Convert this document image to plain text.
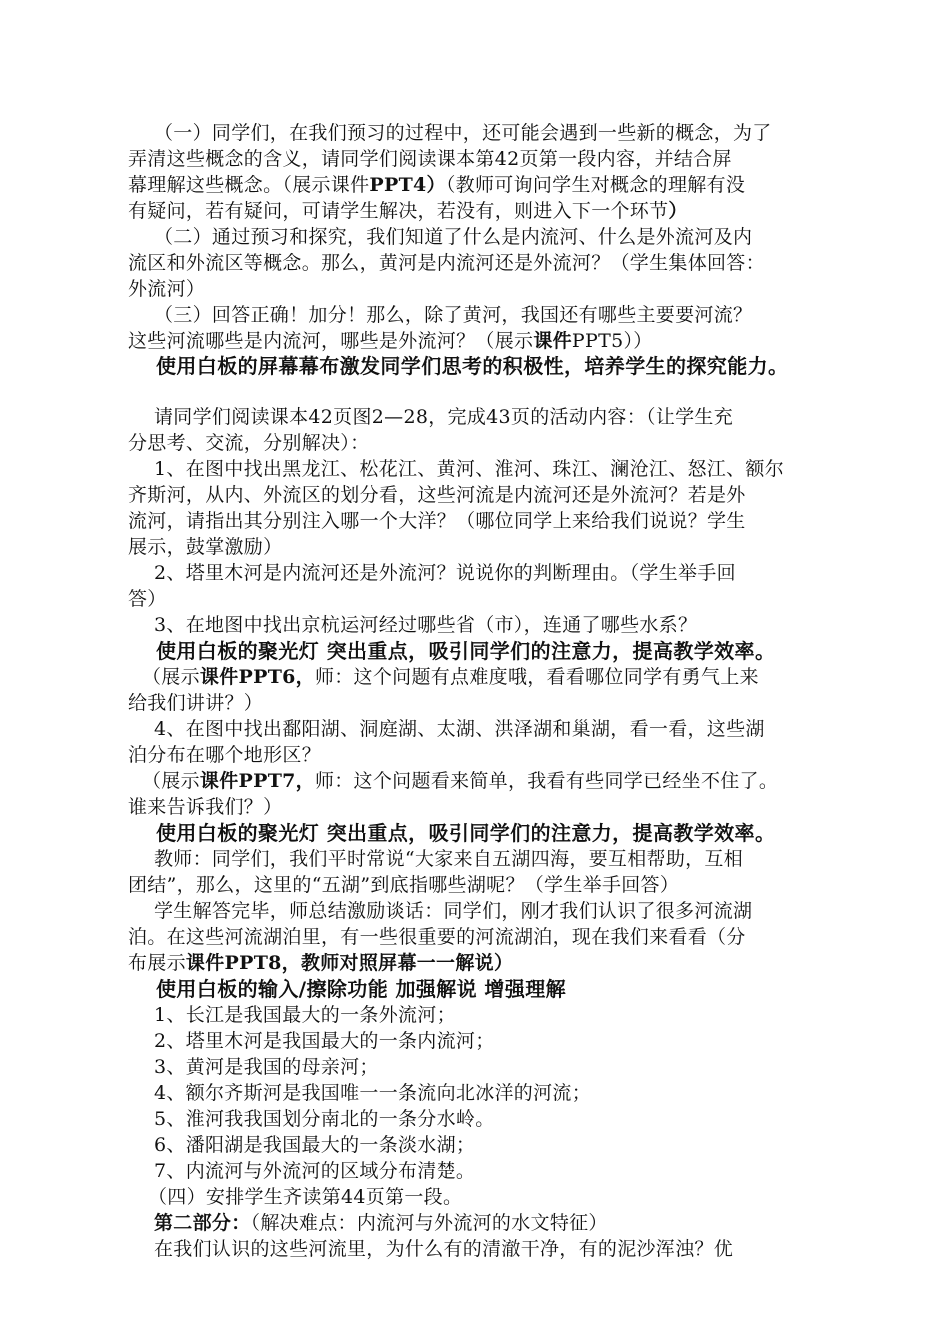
（一）同学们，在我们预习的过程中，还可能会遇到一些新的概念，为了
弄清这些概念的含义，请同学们阅读课本第42页第一段内容，并结合屏
幕理解这些概念。（展示课件PPT4）（教师可询问学生对概念的理解有没
有疑问，若有疑问，可请学生解决，若没有，则进入下一个环节）
（二）通过预习和探究，我们知道了什么是内流河、什么是外流河及内
流区和外流区等概念。那么，黄河是内流河还是外流河？（学生集体回答：
外流河）
（三）回答正确！加分！那么，除了黄河，我国还有哪些主要要河流？
这些河流哪些是内流河，哪些是外流河？（展示课件PPT5））
使用白板的屏幕幕布激发同学们思考的积极性，培养学生的探究能力。
请同学们阅读课本42页图2—28，完成43页的活动内容：（让学生充
分思考、交流，分别解决）：
1、在图中找出黑龙江、松花江、黄河、淮河、珠江、澜沧江、怒江、额尔
齐斯河，从内、外流区的划分看，这些河流是内流河还是外流河？若是外
流河，请指出其分别注入哪一个大洋？（哪位同学上来给我们说说？学生
展示，鼓掌激励）
2、塔里木河是内流河还是外流河？说说你的判断理由。（学生举手回
答）
3、在地图中找出京杭运河经过哪些省（市），连通了哪些水系？
使用白板的聚光灯 突出重点，吸引同学们的注意力，提高教学效率。
（展示课件PPT6，师：这个问题有点难度哦，看看哪位同学有勇气上来
给我们讲讲？）
4、在图中找出鄱阳湖、洞庭湖、太湖、洪泽湖和巢湖，看一看，这些湖
泊分布在哪个地形区？
（展示课件PPT7，师：这个问题看来简单，我看有些同学已经坐不住了。
谁来告诉我们？）
使用白板的聚光灯 突出重点，吸引同学们的注意力，提高教学效率。
教师：同学们，我们平时常说“大家来自五湖四海，要互相帮助，互相
团结”，那么，这里的“五湖”到底指哪些湖呢？（学生举手回答）
学生解答完毕，师总结激励谈话：同学们，刚才我们认识了很多河流湖
泊。在这些河流湖泊里，有一些很重要的河流湖泊，现在我们来看看（分
布展示课件PPT8，教师对照屏幕一一解说）
使用白板的输入/擦除功能 加强解说 增强理解
1、长江是我国最大的一条外流河；
2、塔里木河是我国最大的一条内流河；
3、黄河是我国的母亲河；
4、额尔齐斯河是我国唯一一条流向北冰洋的河流；
5、淮河我我国划分南北的一条分水岭。
6、潘阳湖是我国最大的一条淡水湖；
7、内流河与外流河的区域分布清楚。
（四）安排学生齐读第44页第一段。
第二部分：（解决难点：内流河与外流河的水文特征）
在我们认识的这些河流里，为什么有的清澈干净，有的泥沙浑浊？优
